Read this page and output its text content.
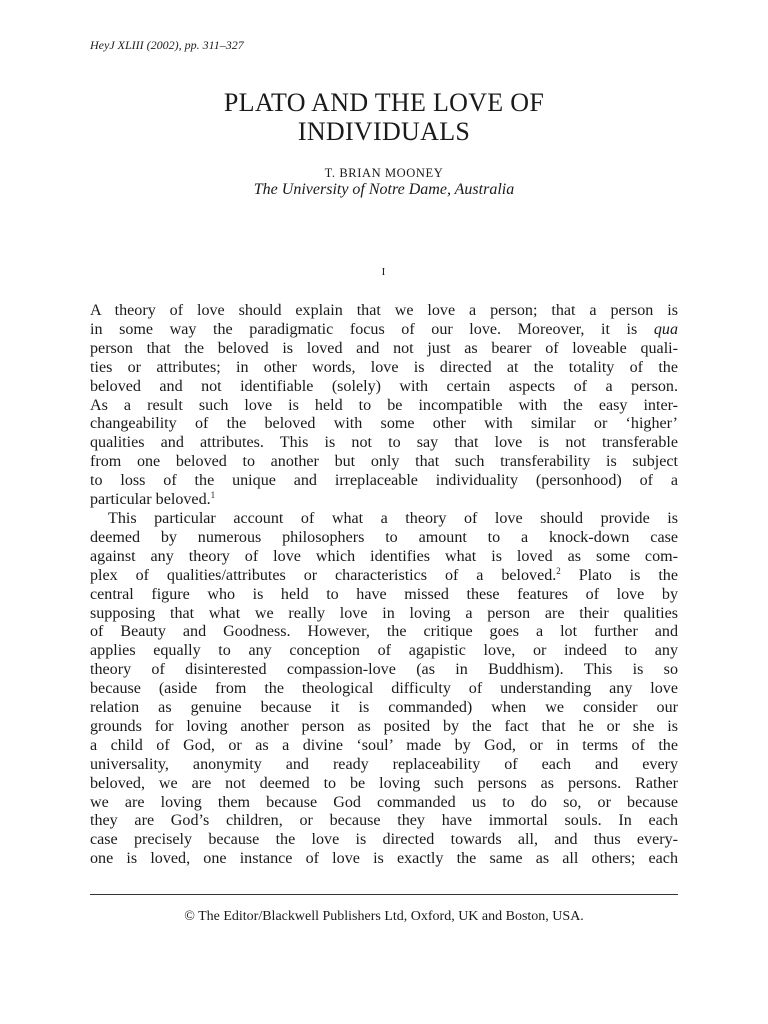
HeyJ XLIII (2002), pp. 311–327
PLATO AND THE LOVE OF
INDIVIDUALS
T. BRIAN MOONEY
The University of Notre Dame, Australia
I
A theory of love should explain that we love a person; that a person is
in some way the paradigmatic focus of our love. Moreover, it is qua
person that the beloved is loved and not just as bearer of loveable quali-
ties or attributes; in other words, love is directed at the totality of the
beloved and not identifiable (solely) with certain aspects of a person.
As a result such love is held to be incompatible with the easy inter-
changeability of the beloved with some other with similar or ‘higher’
qualities and attributes. This is not to say that love is not transferable
from one beloved to another but only that such transferability is subject
to loss of the unique and irreplaceable individuality (personhood) of a
particular beloved.$^1$
This particular account of what a theory of love should provide is
deemed by numerous philosophers to amount to a knock-down case
against any theory of love which identifies what is loved as some com-
plex of qualities/attributes or characteristics of a beloved.$^2$ Plato is the
central figure who is held to have missed these features of love by
supposing that what we really love in loving a person are their qualities
of Beauty and Goodness. However, the critique goes a lot further and
applies equally to any conception of agapistic love, or indeed to any
theory of disinterested compassion-love (as in Buddhism). This is so
because (aside from the theological difficulty of understanding any love
relation as genuine because it is commanded) when we consider our
grounds for loving another person as posited by the fact that he or she is
a child of God, or as a divine ‘soul’ made by God, or in terms of the
universality, anonymity and ready replaceability of each and every
beloved, we are not deemed to be loving such persons as persons. Rather
we are loving them because God commanded us to do so, or because
they are God’s children, or because they have immortal souls. In each
case precisely because the love is directed towards all, and thus every-
one is loved, one instance of love is exactly the same as all others; each
© The Editor/Blackwell Publishers Ltd, Oxford, UK and Boston, USA.
